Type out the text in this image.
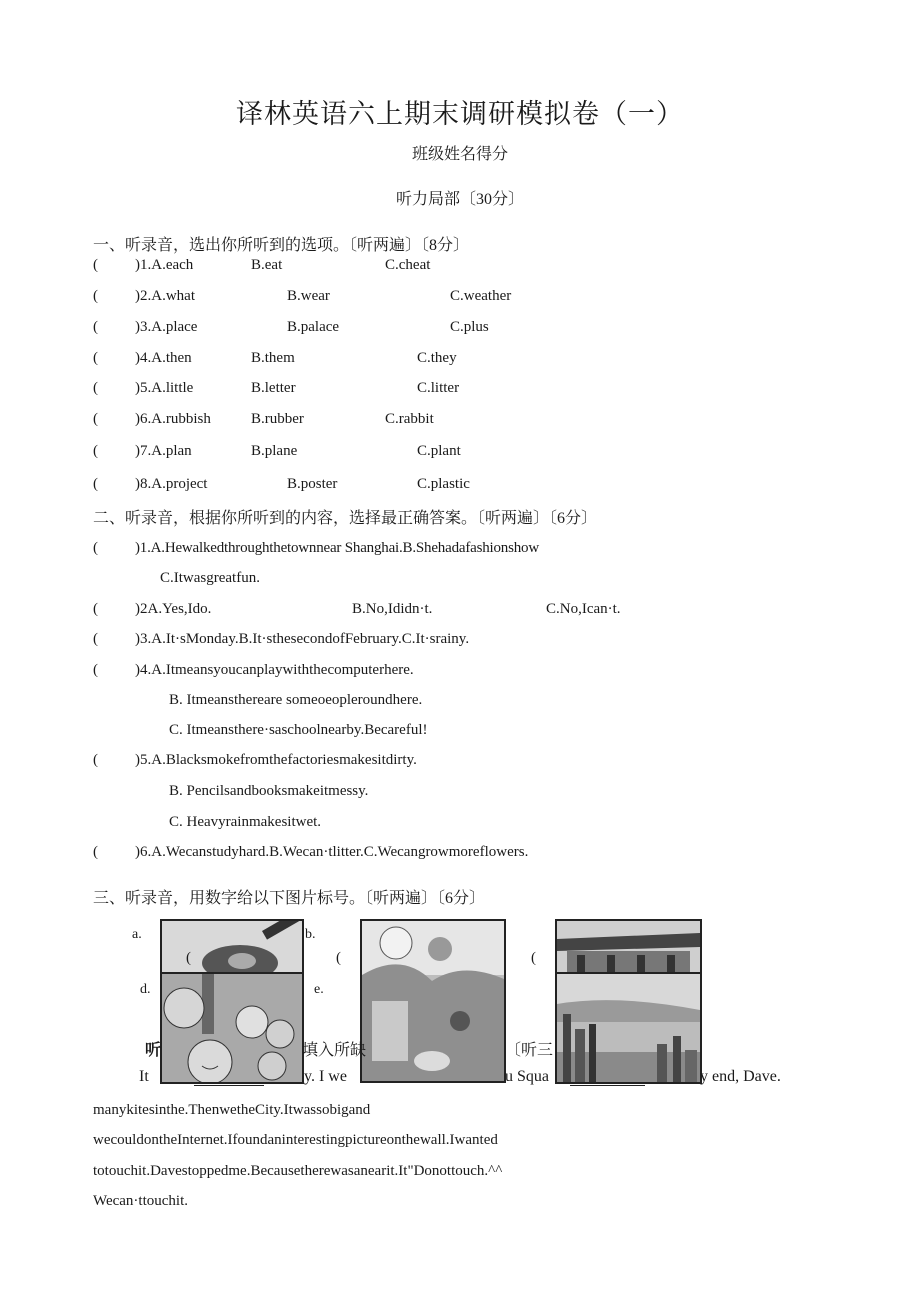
译林英语六上期末调研模拟卷（一）
班级姓名得分
听力局部〔30分〕
一、听录音，选出你所听到的选项。〔听两遍〕〔8分〕
( )1.A.each	B.eat	C.cheat
( )2.A.what	B.wear	C.weather
( )3.A.place	B.palace	C.plus
( )4.A.then	B.them	C.they
( )5.A.little	B.letter	C.litter
( )6.A.rubbish	B.rubber	C.rabbit
( )7.A.plan	B.plane	C.plant
( )8.A.project	B.poster	C.plastic
二、听录音，根据你所听到的内容，选择最正确答案。〔听两遍〕〔6分〕
( )1.A.Hewalkedthroughthetownnear Shanghai.B.Shehadafashionshow
C.Itwasgreatfun.
( )2A.Yes,Ido.	B.No,Ididn·t.	C.No,Ican·t.
( )3.A.It·sMonday.B.It·sthesecondofFebruary.C.It·srainy.
( )4.A.Itmeansyoucanplaywiththecomputerhere.
B. Itmeansthereare someoeopleroundhere.
C. Itmeansthere·saschoolnearby.Becareful!
( )5.A.Blacksmokefromthefactoriesmakesitdirty.
B. Pencilsandbooksmakeitmessy.
C. Heavyrainmakesitwet.
( )6.A.Wecanstudyhard.B.Wecan·tlitter.C.Wecangrowmoreflowers.
三、听录音，用数字给以下图片标号。〔听两遍〕〔6分〕
a.	b.
d.	e.
(	(	(
听	填入所缺	〔听三
It	y. I we	u Squa	y end, Dave.
manykitesinthe.ThenwetheCity.Itwassobigand
wecouldontheInternet.Ifoundaninterestingpictureonthewall.Iwanted
totouchit.Davestoppedme.Becausetherewasanearit.It"Donottouch.^^
Wecan·ttouchit.
